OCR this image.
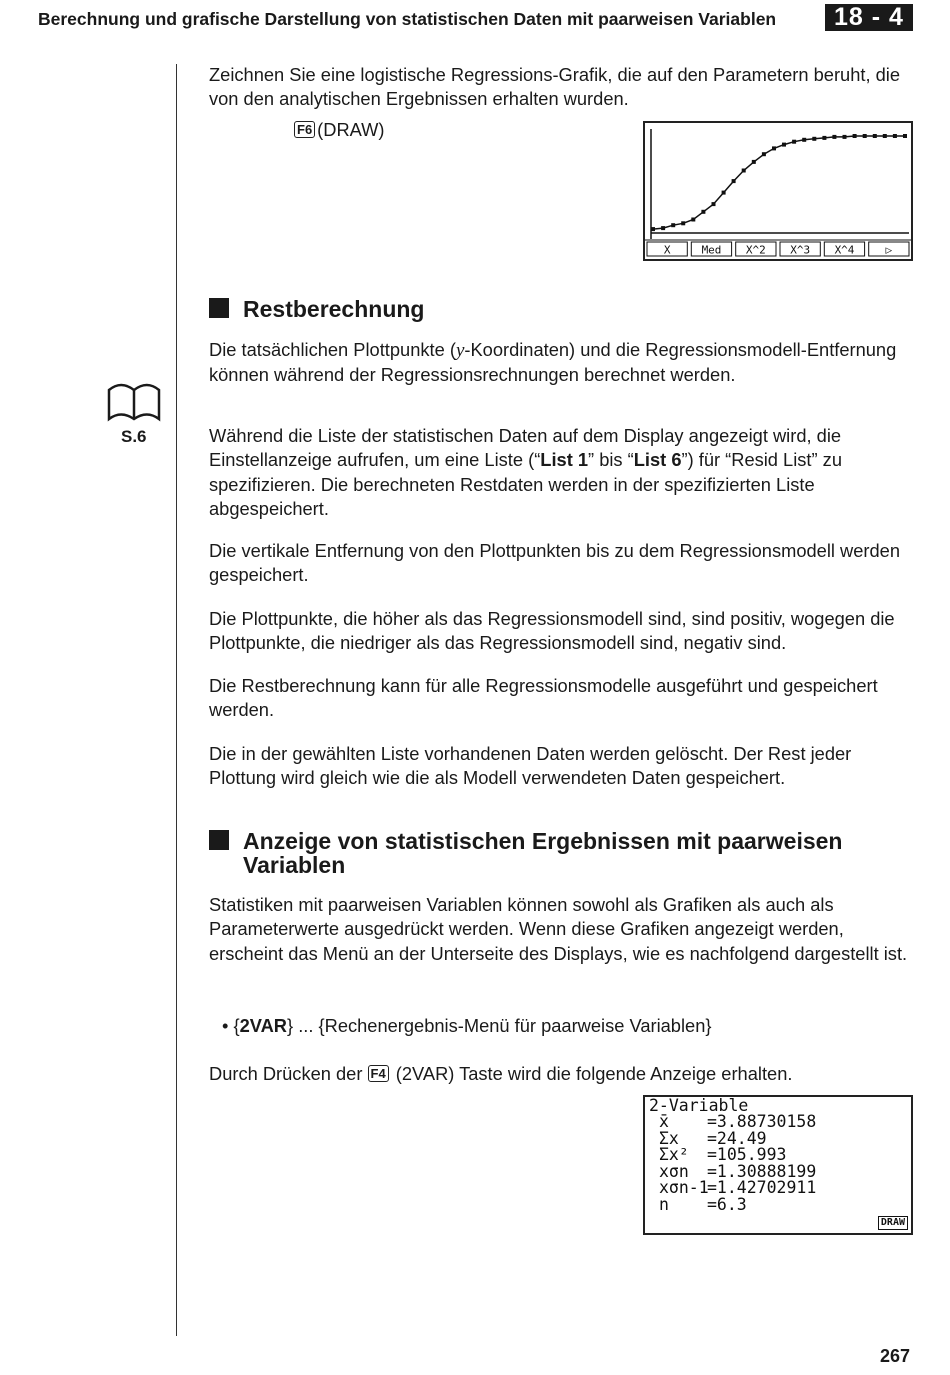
Berechnung und grafische Darstellung von statistischen Daten mit paarweisen Variablen	18 - 4

Zeichnen Sie eine logistische Regressions-Grafik, die auf den Parametern beruht, die von den analytischen Ergebnissen erhalten wurden.

F6 (DRAW)
X	Med X^2 X^3 X^4	▷
Restberechnung

Die tatsächlichen Plottpunkte (y-Koordinaten) und die Regressionsmodell-Entfernung können während der Regressionsrechnungen berechnet werden.

S.6	Während die Liste der statistischen Daten auf dem Display angezeigt wird, die Einstellanzeige aufrufen, um eine Liste (“List 1” bis “List 6”) für “Resid List” zu spezifizieren. Die berechneten Restdaten werden in der spezifizierten Liste abgespeichert.

Die vertikale Entfernung von den Plottpunkten bis zu dem Regressionsmodell werden gespeichert.

Die Plottpunkte, die höher als das Regressionsmodell sind, sind positiv, wogegen die Plottpunkte, die niedriger als das Regressionsmodell sind, negativ sind.

Die Restberechnung kann für alle Regressionsmodelle ausgeführt und gespeichert werden.

Die in der gewählten Liste vorhandenen Daten werden gelöscht. Der Rest jeder Plottung wird gleich wie die als Modell verwendeten Daten gespeichert.

Anzeige von statistischen Ergebnissen mit paarweisen Variablen

Statistiken mit paarweisen Variablen können sowohl als Grafiken als auch als Parameterwerte ausgedrückt werden. Wenn diese Grafiken angezeigt werden, erscheint das Menü an der Unterseite des Displays, wie es nachfolgend dargestellt ist.

• {2VAR} ... {Rechenergebnis-Menü für paarweise Variablen}

Durch Drücken der F4 (2VAR) Taste wird die folgende Anzeige erhalten.

2-Variable
x̄ =3.88730158
Σx =24.49
Σx² =105.993
xσn =1.30888199
xσn-1=1.42702911
n =6.3
DRAW
267
